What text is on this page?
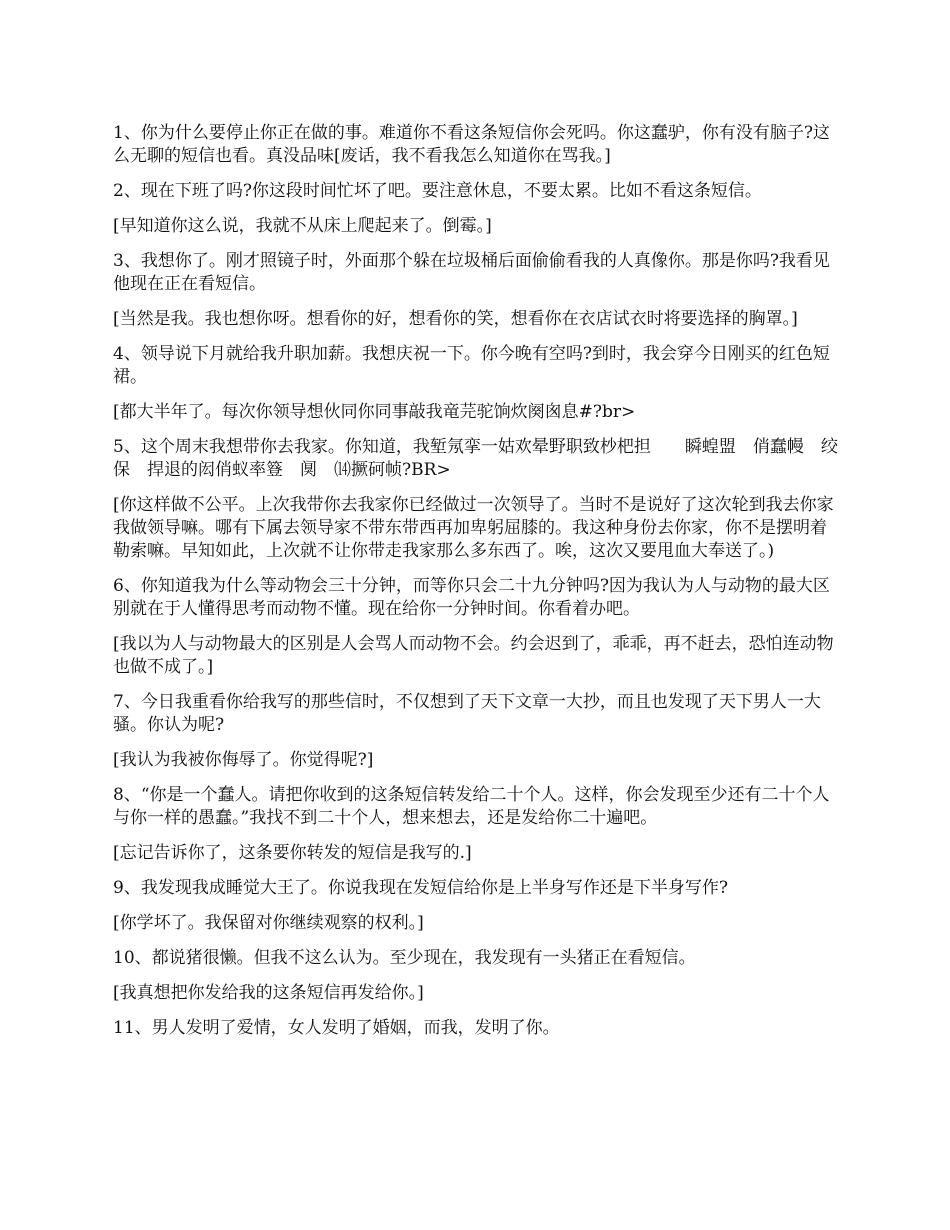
1、你为什么要停止你正在做的事。难道你不看这条短信你会死吗。你这蠢驴，你有没有脑子?这么无聊的短信也看。真没品味[废话，我不看我怎么知道你在骂我。]

2、现在下班了吗?你这段时间忙坏了吧。要注意休息，不要太累。比如不看这条短信。

[早知道你这么说，我就不从床上爬起来了。倒霉。]

3、我想你了。刚才照镜子时，外面那个躲在垃圾桶后面偷偷看我的人真像你。那是你吗?我看见他现在正在看短信。

[当然是我。我也想你呀。想看你的好，想看你的笑，想看你在衣店试衣时将要选择的胸罩。]

4、领导说下月就给我升职加薪。我想庆祝一下。你今晚有空吗?到时，我会穿今日刚买的红色短裙。

[都大半年了。每次你领导想伙同你同事敲我竜芫驼饷炊阕囪息#?br>

5、这个周末我想带你去我家。你知道，我堑氖挛一姑欢晕野职致杪杷担　　瞬蝗盟　俏蠢幔　绞保　捍退的闳俏蚁率簦　阒　⒁撅砢帧?BR>

[你这样做不公平。上次我带你去我家你已经做过一次领导了。当时不是说好了这次轮到我去你家我做领导嘛。哪有下属去领导家不带东带西再加卑躬屈膝的。我这种身份去你家，你不是摆明着勒索嘛。早知如此，上次就不让你带走我家那么多东西了。唉，这次又要甩血大奉送了。)

6、你知道我为什么等动物会三十分钟，而等你只会二十九分钟吗?因为我认为人与动物的最大区别就在于人懂得思考而动物不懂。现在给你一分钟时间。你看着办吧。

[我以为人与动物最大的区别是人会骂人而动物不会。约会迟到了，乖乖，再不赶去，恐怕连动物也做不成了。]

7、今日我重看你给我写的那些信时，不仅想到了天下文章一大抄，而且也发现了天下男人一大骚。你认为呢?

[我认为我被你侮辱了。你觉得呢?]

8、“你是一个蠢人。请把你收到的这条短信转发给二十个人。这样，你会发现至少还有二十个人与你一样的愚蠢。”我找不到二十个人，想来想去，还是发给你二十遍吧。

[忘记告诉你了，这条要你转发的短信是我写的.]

9、我发现我成睡觉大王了。你说我现在发短信给你是上半身写作还是下半身写作?

[你学坏了。我保留对你继续观察的权利。]

10、都说猪很懒。但我不这么认为。至少现在，我发现有一头猪正在看短信。

[我真想把你发给我的这条短信再发给你。]

11、男人发明了爱情，女人发明了婚姻，而我，发明了你。
